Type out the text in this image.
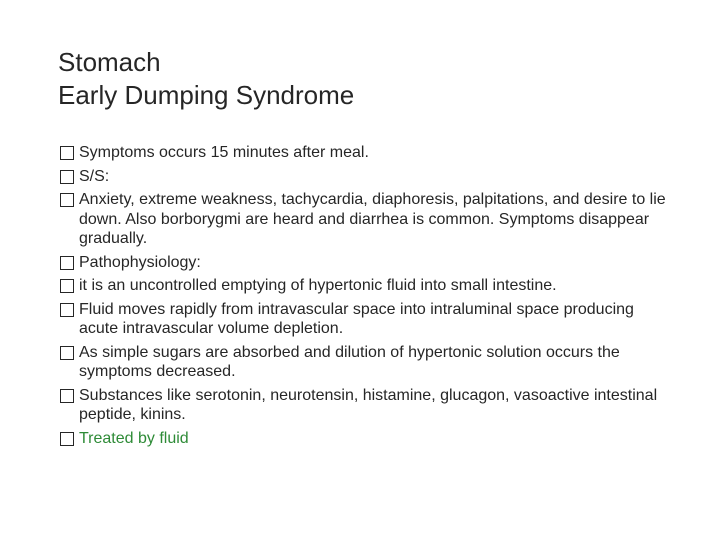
Stomach
Early Dumping Syndrome
Symptoms occurs 15 minutes after meal.
S/S:
Anxiety, extreme weakness, tachycardia, diaphoresis, palpitations, and desire to lie down. Also borborygmi are heard and diarrhea is common. Symptoms disappear gradually.
Pathophysiology:
it is an uncontrolled emptying of hypertonic fluid into small intestine.
Fluid moves rapidly from intravascular space into intraluminal space producing acute intravascular volume depletion.
As simple sugars are absorbed and dilution of hypertonic solution occurs the symptoms decreased.
Substances like serotonin, neurotensin, histamine, glucagon, vasoactive intestinal peptide, kinins.
Treated by fluid
